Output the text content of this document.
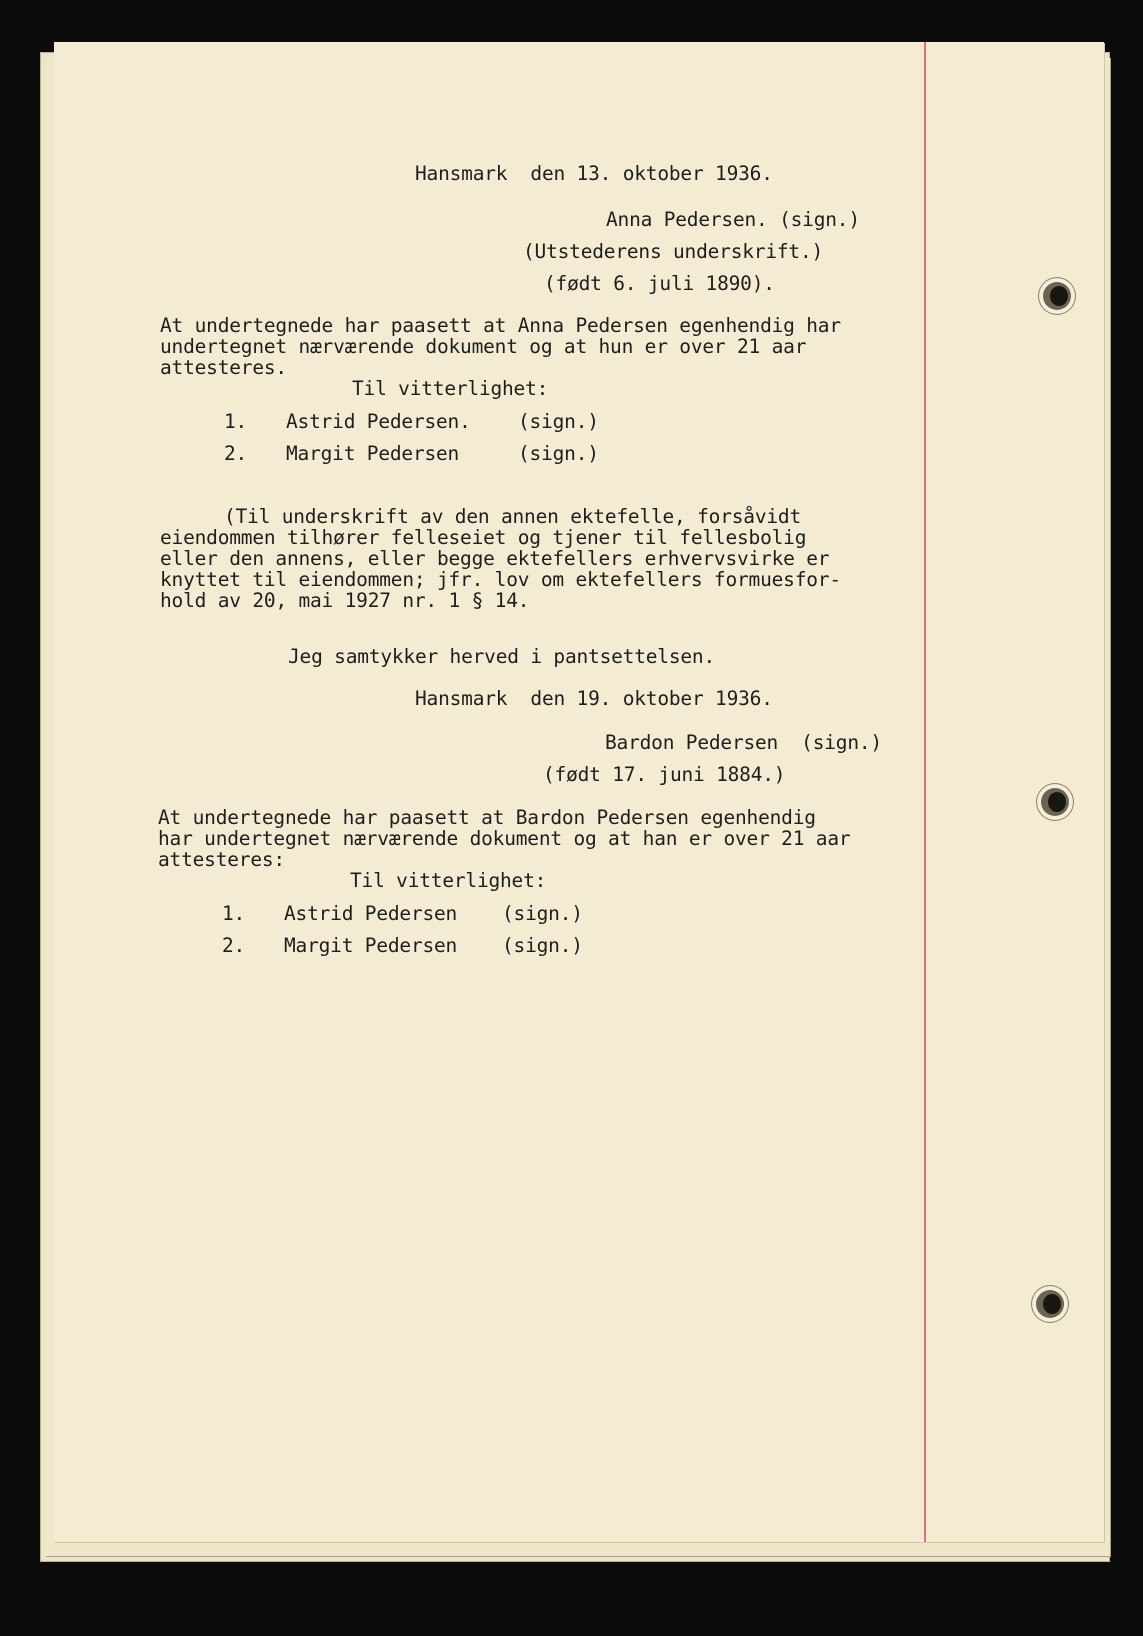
Hansmark  den 13. oktober 1936.
Anna Pedersen. (sign.)
(Utstederens underskrift.)
(født 6. juli 1890).
At undertegnede har paasett at Anna Pedersen egenhendig har
undertegnet nærværende dokument og at hun er over 21 aar
attesteres.
Til vitterlighet:
1. Astrid Pedersen. (sign.)
2. Margit Pedersen	(sign.)
(Til underskrift av den annen ektefelle, forsåvidt
eiendommen tilhører felleseiet og tjener til fellesbolig
eller den annens, eller begge ektefellers erhvervsvirke er
knyttet til eiendommen; jfr. lov om ektefellers formuesfor-
hold av 20, mai 1927 nr. 1 § 14.
Jeg samtykker herved i pantsettelsen.
Hansmark  den 19. oktober 1936.
Bardon Pedersen  (sign.)
(født 17. juni 1884.)
At undertegnede har paasett at Bardon Pedersen egenhendig
har undertegnet nærværende dokument og at han er over 21 aar
attesteres:
Til vitterlighet:
1. Astrid Pedersen (sign.)
2. Margit Pedersen (sign.)
